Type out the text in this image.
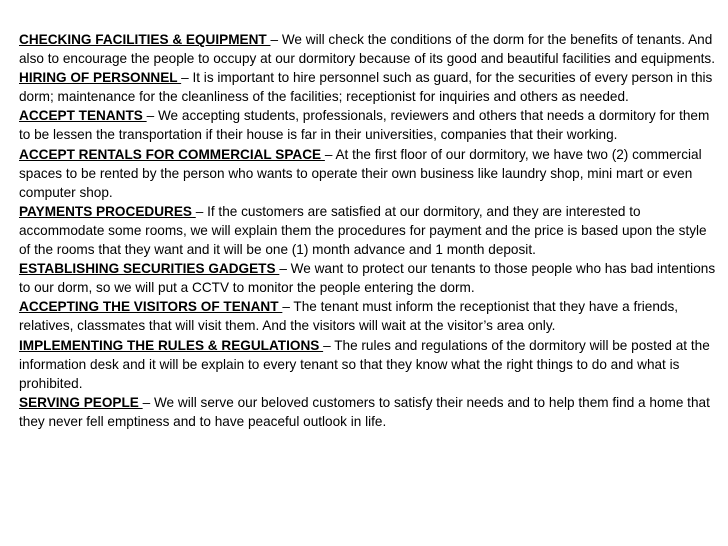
CHECKING FACILITIES & EQUIPMENT – We will check the conditions of the dorm for the benefits of tenants. And also to encourage the people to occupy at our dormitory because of its good and beautiful facilities and equipments.

HIRING OF PERSONNEL – It is important to hire personnel such as guard, for the securities of every person in this dorm; maintenance for the cleanliness of the facilities; receptionist for inquiries and others as needed.

ACCEPT TENANTS – We accepting students, professionals, reviewers and others that needs a dormitory for them to be lessen the transportation if their house is far in their universities, companies that their working.

ACCEPT RENTALS FOR COMMERCIAL SPACE – At the first floor of our dormitory, we have two (2) commercial spaces to be rented by the person who wants to operate their own business like laundry shop, mini mart or even computer shop.

PAYMENTS PROCEDURES – If the customers are satisfied at our dormitory, and they are interested to accommodate some rooms, we will explain them the procedures for payment and the price is based upon the style of the rooms that they want and it will be one (1) month advance and 1 month deposit.

ESTABLISHING SECURITIES GADGETS – We want to protect our tenants to those people who has bad intentions to our dorm, so we will put a CCTV to monitor the people entering the dorm.

ACCEPTING THE VISITORS OF TENANT – The tenant must inform the receptionist that they have a friends, relatives, classmates that will visit them. And the visitors will wait at the visitor’s area only.

IMPLEMENTING THE RULES & REGULATIONS – The rules and regulations of the dormitory will be posted at the information desk and it will be explain to every tenant so that they know what the right things to do and what is prohibited.

SERVING PEOPLE – We will serve our beloved customers to satisfy their needs and to help them find a home that they never fell emptiness and to have peaceful outlook in life.
